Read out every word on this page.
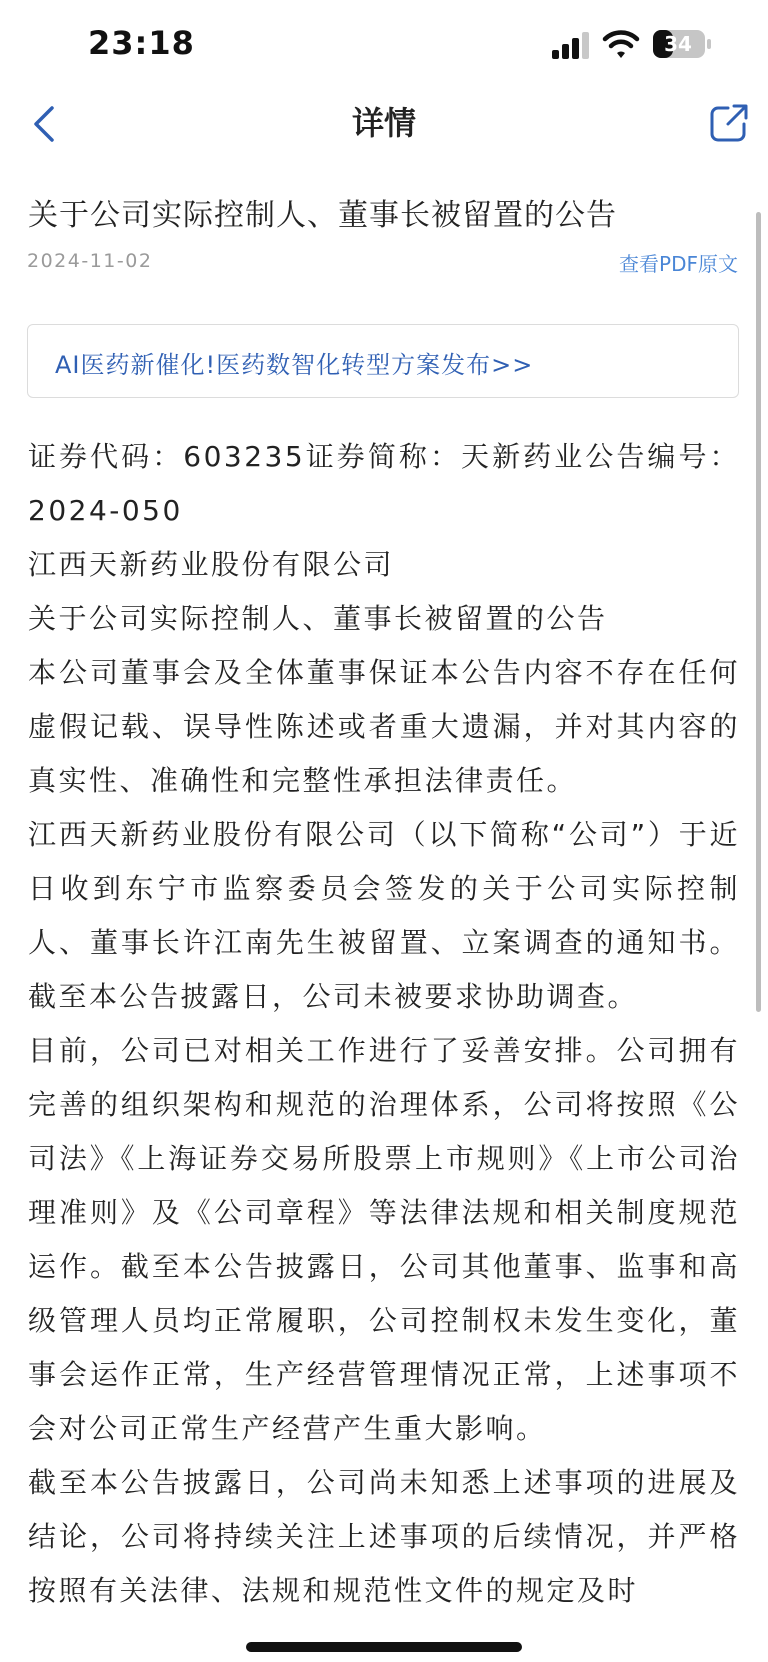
23:18	34
详情
关于公司实际控制人、董事长被留置的公告
2024-11-02	查看PDF原文
AI医药新催化!医药数智化转型方案发布>>

证券代码：603235证券简称：天新药业公告编号：2024-050

江西天新药业股份有限公司

关于公司实际控制人、董事长被留置的公告

本公司董事会及全体董事保证本公告内容不存在任何虚假记载、误导性陈述或者重大遗漏，并对其内容的真实性、准确性和完整性承担法律责任。

江西天新药业股份有限公司（以下简称“公司”）于近日收到东宁市监察委员会签发的关于公司实际控制人、董事长许江南先生被留置、立案调查的通知书。截至本公告披露日，公司未被要求协助调查。

目前，公司已对相关工作进行了妥善安排。公司拥有完善的组织架构和规范的治理体系，公司将按照《公司法》《上海证券交易所股票上市规则》《上市公司治理准则》及《公司章程》等法律法规和相关制度规范运作。截至本公告披露日，公司其他董事、监事和高级管理人员均正常履职，公司控制权未发生变化，董事会运作正常，生产经营管理情况正常，上述事项不会对公司正常生产经营产生重大影响。

截至本公告披露日，公司尚未知悉上述事项的进展及结论，公司将持续关注上述事项的后续情况，并严格按照有关法律、法规和规范性文件的规定及时
